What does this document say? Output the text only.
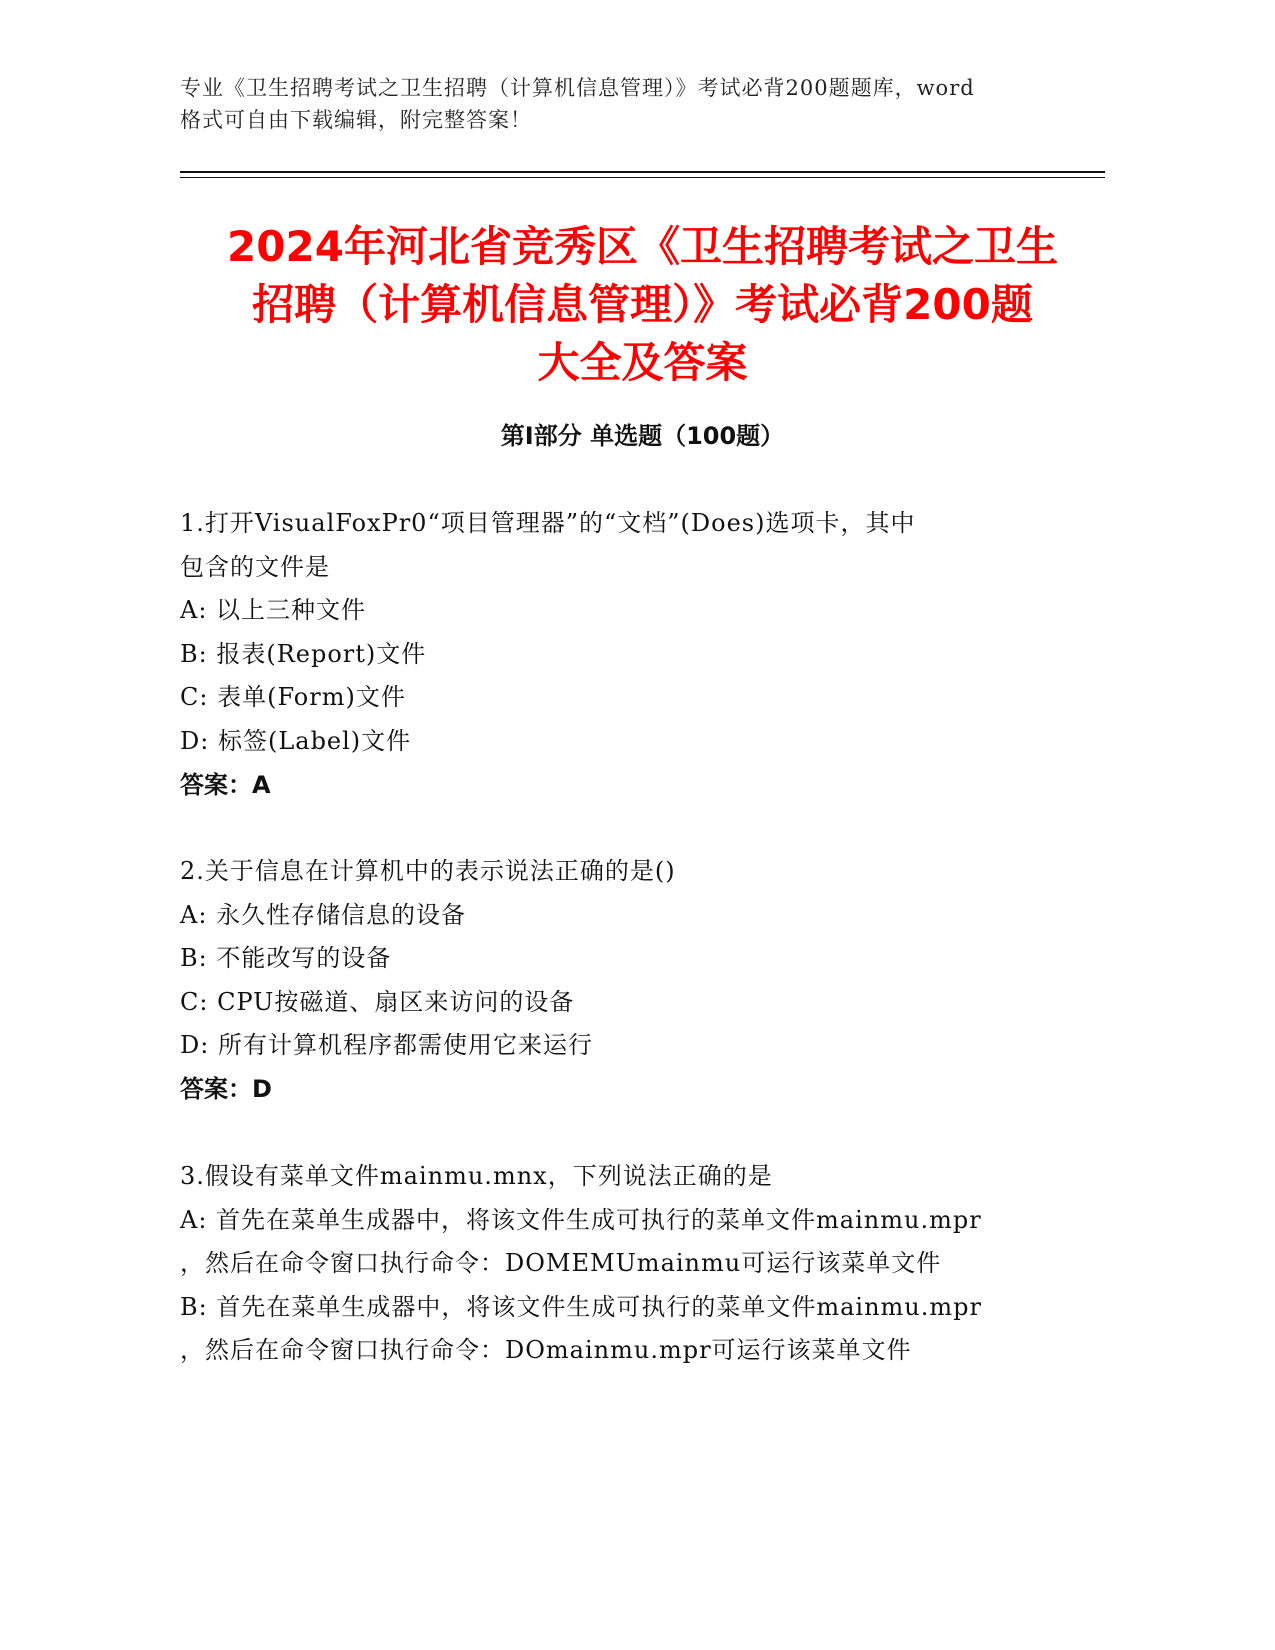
专业《卫生招聘考试之卫生招聘（计算机信息管理）》考试必背200题题库，word
格式可自由下载编辑，附完整答案！
2024年河北省竞秀区《卫生招聘考试之卫生
招聘（计算机信息管理）》考试必背200题
大全及答案
第Ⅰ部分 单选题（100题）
1.打开VisualFoxPr0“项目管理器”的“文档”(Does)选项卡，其中
包含的文件是
A: 以上三种文件
B: 报表(Report)文件
C: 表单(Form)文件
D: 标签(Label)文件
答案：A
2.关于信息在计算机中的表示说法正确的是()
A: 永久性存储信息的设备
B: 不能改写的设备
C: CPU按磁道、扇区来访问的设备
D: 所有计算机程序都需使用它来运行
答案：D
3.假设有菜单文件mainmu.mnx，下列说法正确的是
A: 首先在菜单生成器中，将该文件生成可执行的菜单文件mainmu.mpr
，然后在命令窗口执行命令：DOMEMUmainmu可运行该菜单文件
B: 首先在菜单生成器中，将该文件生成可执行的菜单文件mainmu.mpr
，然后在命令窗口执行命令：DOmainmu.mpr可运行该菜单文件
